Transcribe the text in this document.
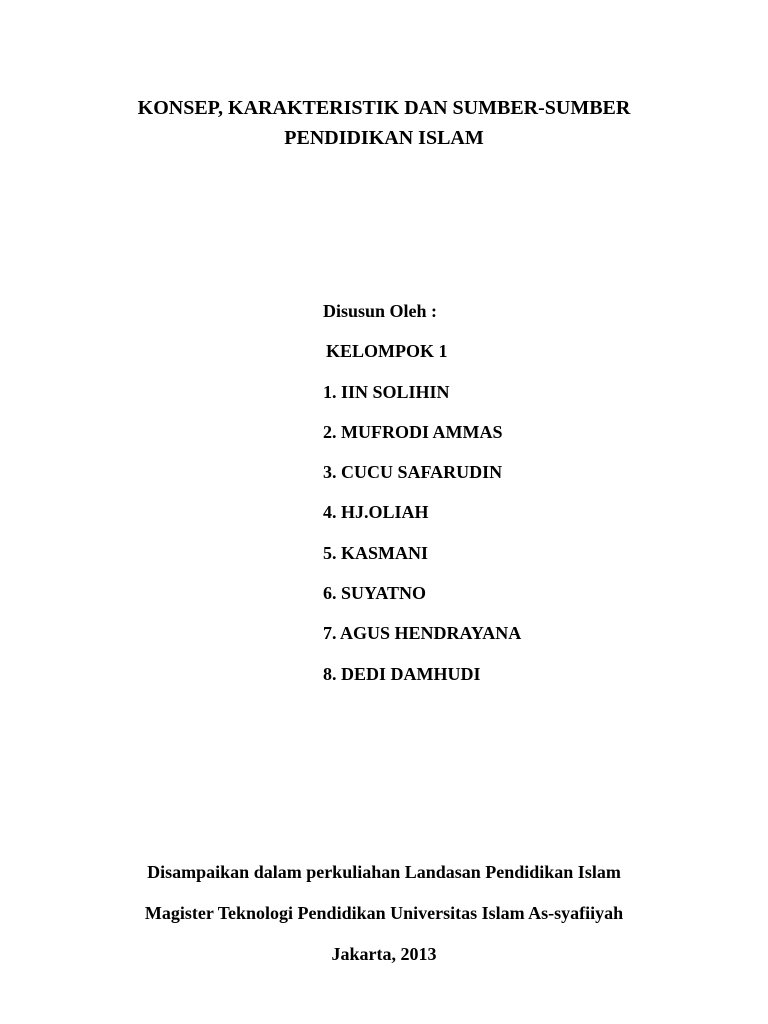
KONSEP, KARAKTERISTIK DAN SUMBER-SUMBER
PENDIDIKAN ISLAM
Disusun Oleh :
KELOMPOK 1
1. IIN SOLIHIN
2. MUFRODI AMMAS
3. CUCU SAFARUDIN
4. HJ.OLIAH
5. KASMANI
6. SUYATNO
7. AGUS HENDRAYANA
8. DEDI DAMHUDI
Disampaikan dalam perkuliahan Landasan Pendidikan Islam
Magister Teknologi Pendidikan Universitas Islam As-syafiiyah
Jakarta, 2013
